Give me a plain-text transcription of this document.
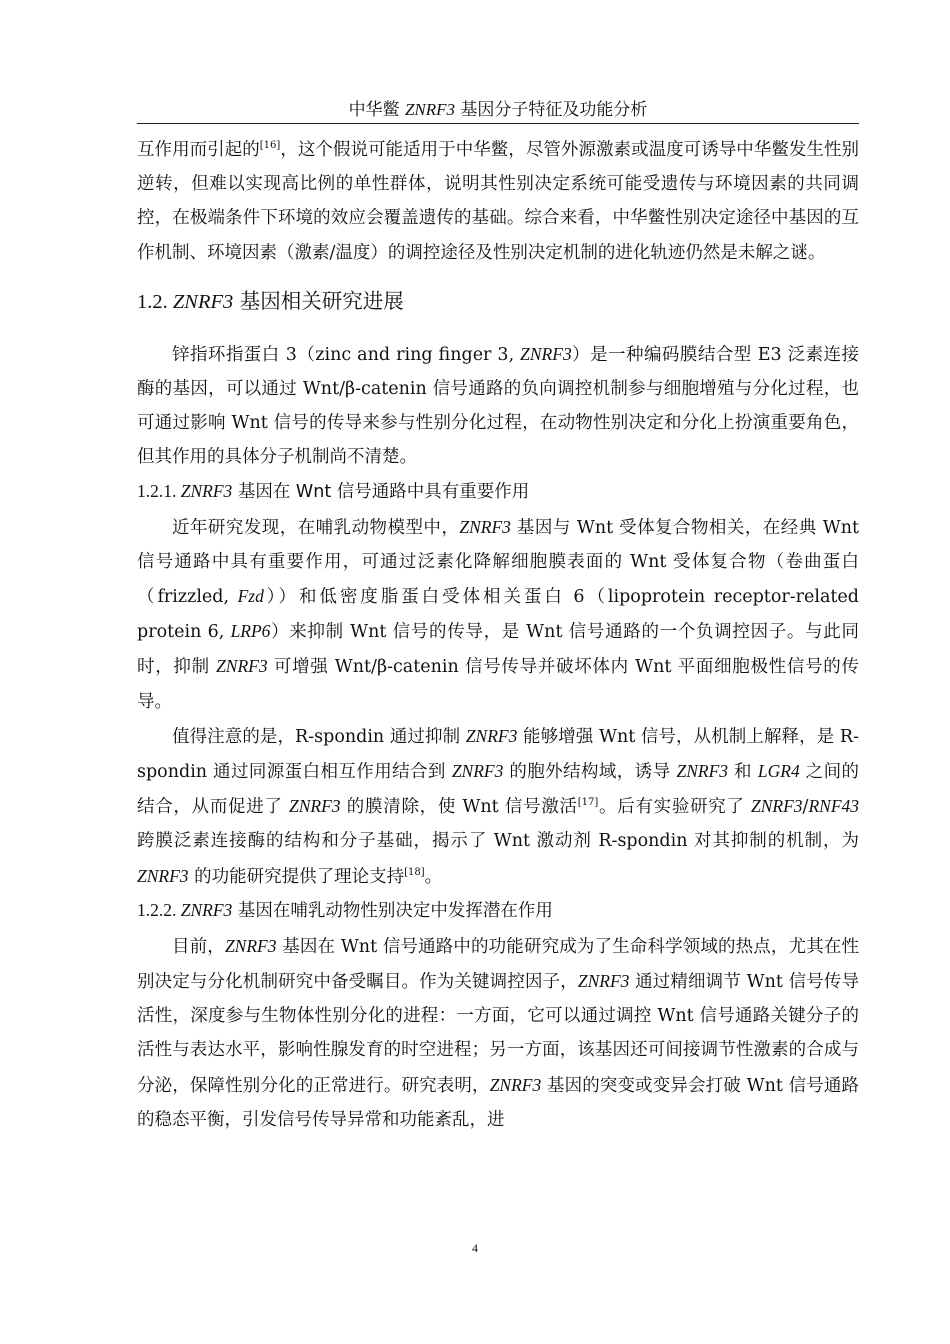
中华鳖 ZNRF3 基因分子特征及功能分析

互作用而引起的[16]，这个假说可能适用于中华鳖，尽管外源激素或温度可诱导中华鳖发生性别逆转，但难以实现高比例的单性群体，说明其性别决定系统可能受遗传与环境因素的共同调控，在极端条件下环境的效应会覆盖遗传的基础。综合来看，中华鳖性别决定途径中基因的互作机制、环境因素（激素/温度）的调控途径及性别决定机制的进化轨迹仍然是未解之谜。

1.2. ZNRF3 基因相关研究进展

锌指环指蛋白 3（zinc and ring finger 3, ZNRF3）是一种编码膜结合型 E3 泛素连接酶的基因，可以通过 Wnt/β-catenin 信号通路的负向调控机制参与细胞增殖与分化过程，也可通过影响 Wnt 信号的传导来参与性别分化过程，在动物性别决定和分化上扮演重要角色，但其作用的具体分子机制尚不清楚。

1.2.1. ZNRF3 基因在 Wnt 信号通路中具有重要作用

近年研究发现，在哺乳动物模型中，ZNRF3 基因与 Wnt 受体复合物相关，在经典 Wnt 信号通路中具有重要作用，可通过泛素化降解细胞膜表面的 Wnt 受体复合物（卷曲蛋白（frizzled, Fzd））和低密度脂蛋白受体相关蛋白 6（lipoprotein receptor-related protein 6, LRP6）来抑制 Wnt 信号的传导，是 Wnt 信号通路的一个负调控因子。与此同时，抑制 ZNRF3 可增强 Wnt/β-catenin 信号传导并破坏体内 Wnt 平面细胞极性信号的传导。

值得注意的是，R-spondin 通过抑制 ZNRF3 能够增强 Wnt 信号，从机制上解释，是 R-spondin 通过同源蛋白相互作用结合到 ZNRF3 的胞外结构域，诱导 ZNRF3 和 LGR4 之间的结合，从而促进了 ZNRF3 的膜清除，使 Wnt 信号激活[17]。后有实验研究了 ZNRF3/RNF43 跨膜泛素连接酶的结构和分子基础，揭示了 Wnt 激动剂 R-spondin 对其抑制的机制，为 ZNRF3 的功能研究提供了理论支持[18]。

1.2.2. ZNRF3 基因在哺乳动物性别决定中发挥潜在作用

目前，ZNRF3 基因在 Wnt 信号通路中的功能研究成为了生命科学领域的热点，尤其在性别决定与分化机制研究中备受瞩目。作为关键调控因子，ZNRF3 通过精细调节 Wnt 信号传导活性，深度参与生物体性别分化的进程：一方面，它可以通过调控 Wnt 信号通路关键分子的活性与表达水平，影响性腺发育的时空进程；另一方面，该基因还可间接调节性激素的合成与分泌，保障性别分化的正常进行。研究表明，ZNRF3 基因的突变或变异会打破 Wnt 信号通路的稳态平衡，引发信号传导异常和功能紊乱，进

4
